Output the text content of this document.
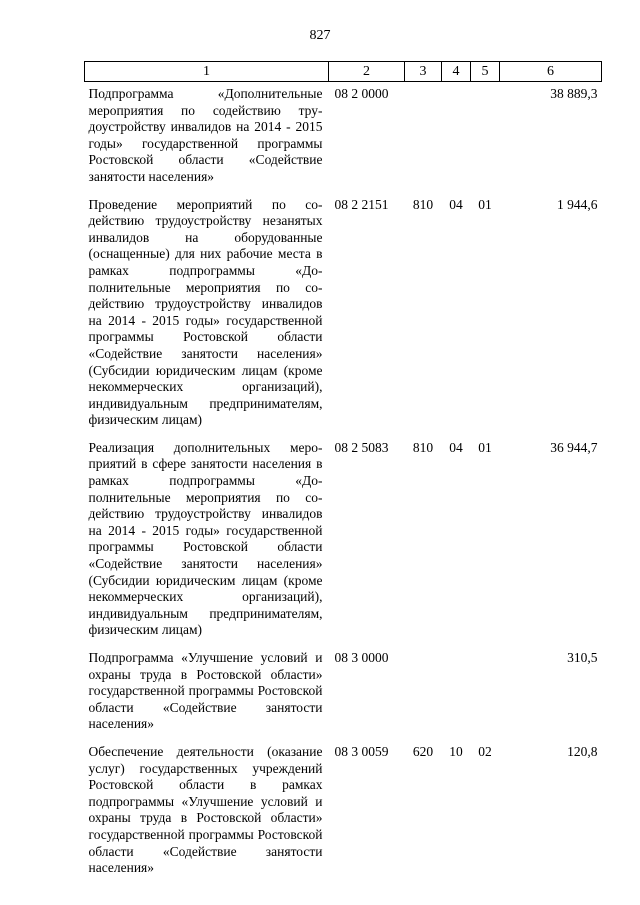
827
1	2	3	4	5	6
Подпрограмма «Дополнительные мероприятия по содействию трудоустройству инвалидов на 2014 - 2015 годы» государственной программы Ростовской области «Содействие занятости населения»	08 2 0000				38 889,3
Проведение мероприятий по содействию трудоустройству незанятых инвалидов на оборудованные (оснащенные) для них рабочие места в рамках подпрограммы «Дополнительные мероприятия по содействию трудоустройству инвалидов на 2014 - 2015 годы» государственной программы Ростовской области «Содействие занятости населения» (Субсидии юридическим лицам (кроме некоммерческих организаций), индивидуальным предпринимателям, физическим лицам)	08 2 2151	810	04	01	1 944,6
Реализация дополнительных мероприятий в сфере занятости населения в рамках подпрограммы «Дополнительные мероприятия по содействию трудоустройству инвалидов на 2014 - 2015 годы» государственной программы Ростовской области «Содействие занятости населения» (Субсидии юридическим лицам (кроме некоммерческих организаций), индивидуальным предпринимателям, физическим лицам)	08 2 5083	810	04	01	36 944,7
Подпрограмма «Улучшение условий и охраны труда в Ростовской области» государственной программы Ростовской области «Содействие занятости населения»	08 3 0000				310,5
Обеспечение деятельности (оказание услуг) государственных учреждений Ростовской области в рамках подпрограммы «Улучшение условий и охраны труда в Ростовской области» государственной программы Ростовской области «Содействие занятости населения»	08 3 0059	620	10	02	120,8
